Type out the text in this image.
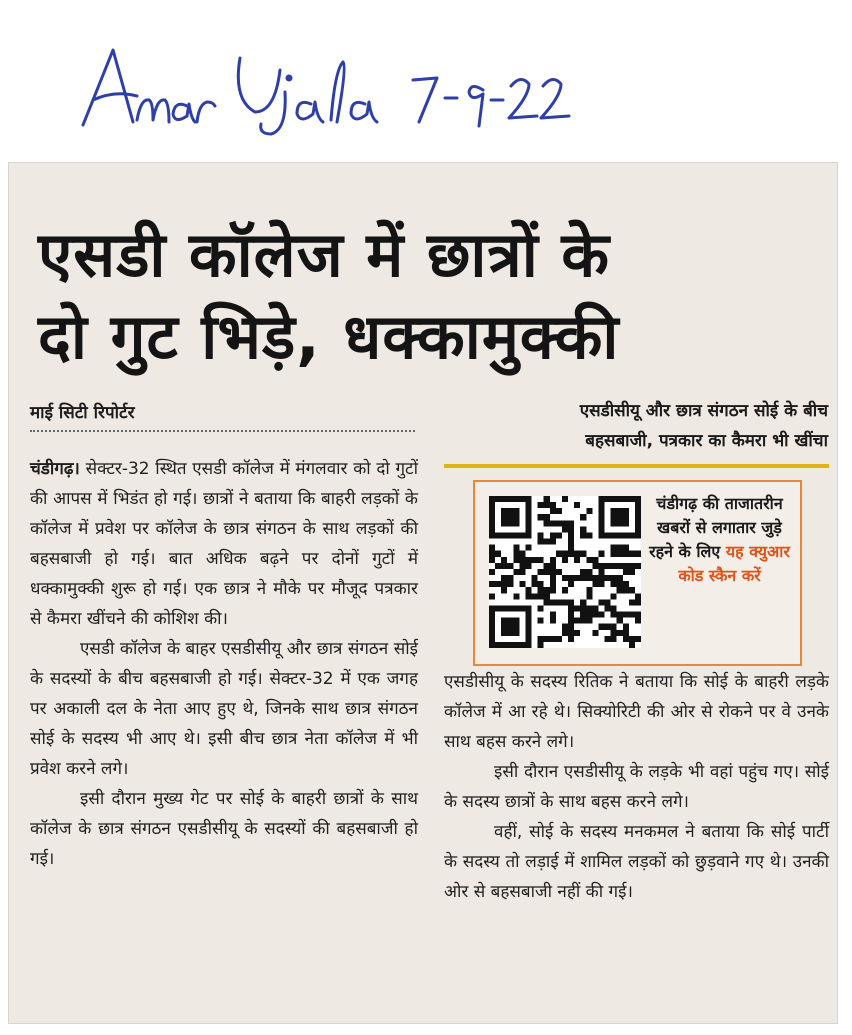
एसडी कॉलेज में छात्रों के
दो गुट भिड़े, धक्कामुक्की
माई सिटी रिपोर्टर	एसडीसीयू और छात्र संगठन सोई के बीच
बहसबाजी, पत्रकार का कैमरा भी खींचा
चंडीगढ़ की ताजातरीन खबरों से लगातार जुड़े रहने के लिए यह क्युआर कोड स्कैन करें

चंडीगढ़। सेक्टर-32 स्थित एसडी कॉलेज में मंगलवार को दो गुटों की आपस में भिडंत हो गई। छात्रों ने बताया कि बाहरी लड़कों के कॉलेज में प्रवेश पर कॉलेज के छात्र संगठन के साथ लड़कों की बहसबाजी हो गई। बात अधिक बढ़ने पर दोनों गुटों में धक्कामुक्की शुरू हो गई। एक छात्र ने मौके पर मौजूद पत्रकार से कैमरा खींचने की कोशिश की।

एसडी कॉलेज के बाहर एसडीसीयू और छात्र संगठन सोई के सदस्यों के बीच बहसबाजी हो गई। सेक्टर-32 में एक जगह पर अकाली दल के नेता आए हुए थे, जिनके साथ छात्र संगठन सोई के सदस्य भी आए थे। इसी बीच छात्र नेता कॉलेज में भी प्रवेश करने लगे।

इसी दौरान मुख्य गेट पर सोई के बाहरी छात्रों के साथ कॉलेज के छात्र संगठन एसडीसीयू के सदस्यों की बहसबाजी हो गई।

एसडीसीयू के सदस्य रितिक ने बताया कि सोई के बाहरी लड़के कॉलेज में आ रहे थे। सिक्योरिटी की ओर से रोकने पर वे उनके साथ बहस करने लगे।

इसी दौरान एसडीसीयू के लड़के भी वहां पहुंच गए। सोई के सदस्य छात्रों के साथ बहस करने लगे।

वहीं, सोई के सदस्य मनकमल ने बताया कि सोई पार्टी के सदस्य तो लड़ाई में शामिल लड़कों को छुड़वाने गए थे। उनकी ओर से बहसबाजी नहीं की गई।
